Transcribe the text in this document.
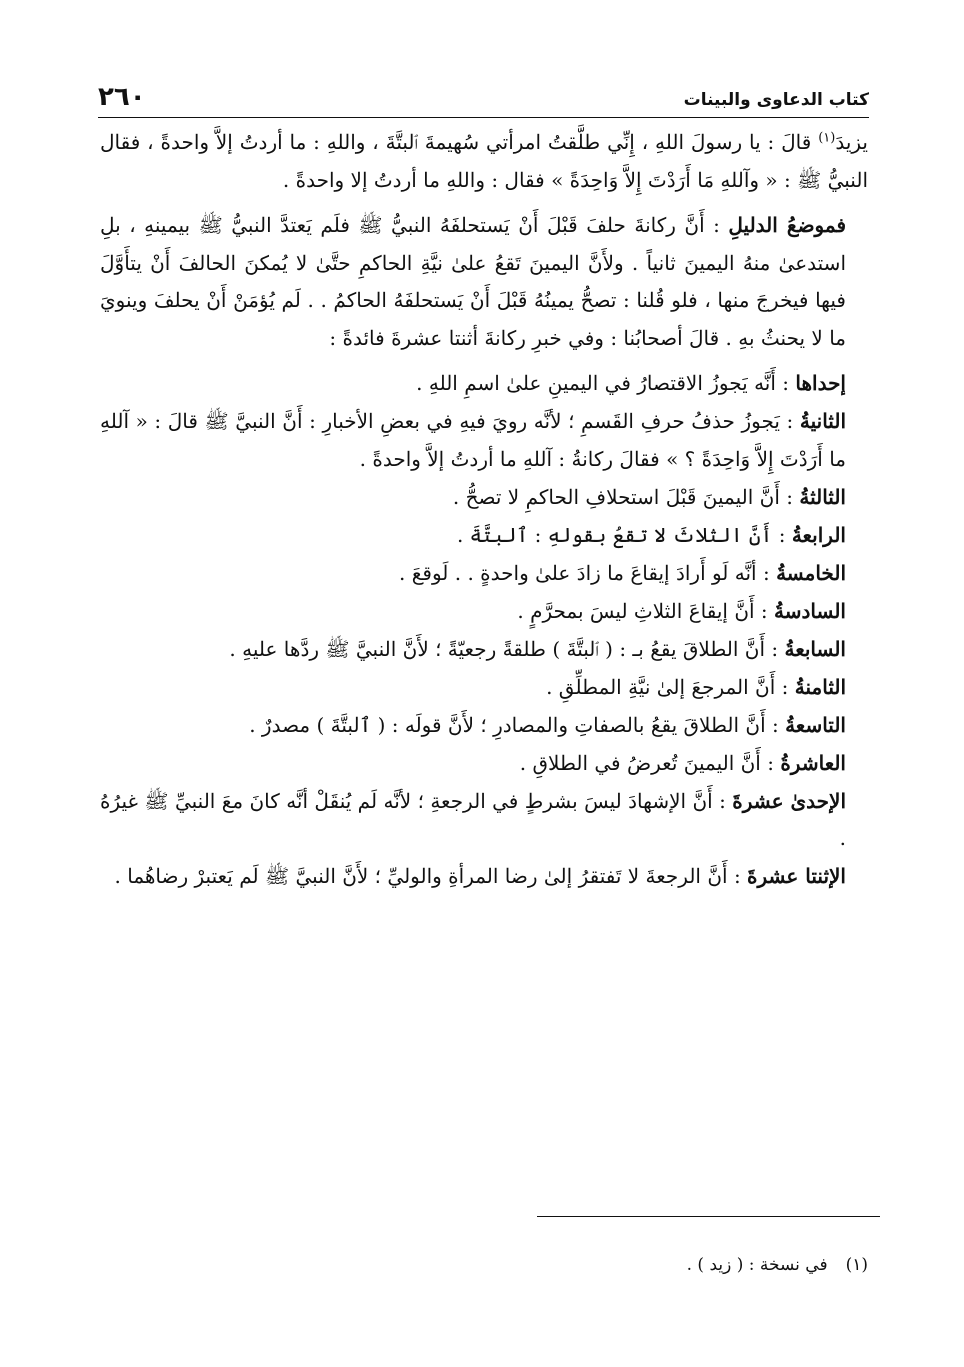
كتاب الدعاوى والبينات
٢٦٠

يزيدَ$^{(١)}$ قالَ : يا رسولَ اللهِ ، إِنِّي طلَّقتُ امرأتي سُهيمةَ ٱلبتَّةَ ، واللهِ : ما أردتُ إلاَّ واحدةً ، فقال النبيُّ ﷺ : « وآللهِ مَا أَرَدْتَ إِلاَّ وَاحِدَةً » فقال : واللهِ ما أردتُ إلا واحدةً .

فموضعُ الدليلِ : أَنَّ ركانةَ حلفَ قَبْلَ أَنْ يَستحلفَهُ النبيُّ ﷺ فلَم يَعتدَّ النبيُّ ﷺ بيمينهِ ، بلِ استدعىٰ منهُ اليمينَ ثانياً . ولأَنَّ اليمينَ تَقعُ علىٰ نيَّةِ الحاكمِ حتَّىٰ لا يُمكنَ الحالفَ أَنْ يتأَوَّلَ فيها فيخرجَ منها ، فلو قُلنا : تصحُّ يمينُهُ قَبْلَ أَنْ يَستحلفَهُ الحاكمُ . . لَم يُؤمَنْ أَنْ يحلفَ وينويَ ما لا يحنثُ بهِ . قالَ أصحابُنا : وفي خبرِ ركانةَ أثنتا عشرةَ فائدةً :

إحداها : أَنَّه يَجوزُ الاقتصارُ في اليمينِ علىٰ اسمِ اللهِ .

الثانيةُ : يَجوزُ حذفُ حرفِ القَسمِ ؛ لأنَّه رويَ فيهِ في بعضِ الأخبارِ : أَنَّ النبيَّ ﷺ قالَ : « آللهِ ما أَرَدْتَ إِلاَّ وَاحِدَةً ؟ » فقالَ ركانةُ : آللهِ ما أردتُ إلاَّ واحدةً .

الثالثةُ : أَنَّ اليمينَ قَبْلَ استحلافِ الحاكمِ لا تصحُّ .

الرابعةُ : أَنَّ الثلاثَ لا تقعُ بقولهِ : ٱلبتَّةَ .

الخامسةُ : أنَّه لَو أَرادَ إيقاعَ ما زادَ علىٰ واحدةٍ . . لَوقعَ .

السادسةُ : أَنَّ إيقاعَ الثلاثِ ليسَ بمحرَّمٍ .

السابعةُ : أَنَّ الطلاقَ يقعُ بـ : ( ٱلبتَّةَ ) طلقةً رجعيّةً ؛ لأَنَّ النبيَّ ﷺ ردَّها عليهِ .

الثامنةُ : أَنَّ المرجعَ إلىٰ نيَّةِ المطلِّقِ .

التاسعةُ : أَنَّ الطلاقَ يقعُ بالصفاتِ والمصادرِ ؛ لأَنَّ قولَه : ( ٱلبتَّةَ ) مصدرٌ .

العاشرةُ : أَنَّ اليمينَ تُعرضُ في الطلاقِ .

الإحدىٰ عشرةَ : أَنَّ الإشهادَ ليسَ بشرطٍ في الرجعةِ ؛ لأنَّه لَم يُنقَلْ أنَّه كانَ معَ النبيِّ ﷺ غيرُهُ .

الإثنتا عشرةَ : أَنَّ الرجعةَ لا تَفتقرُ إلىٰ رضا المرأةِ والوليِّ ؛ لأَنَّ النبيَّ ﷺ لَم يَعتبرْ رضاهُما .

(١)في نسخة : ( زيد ) .
